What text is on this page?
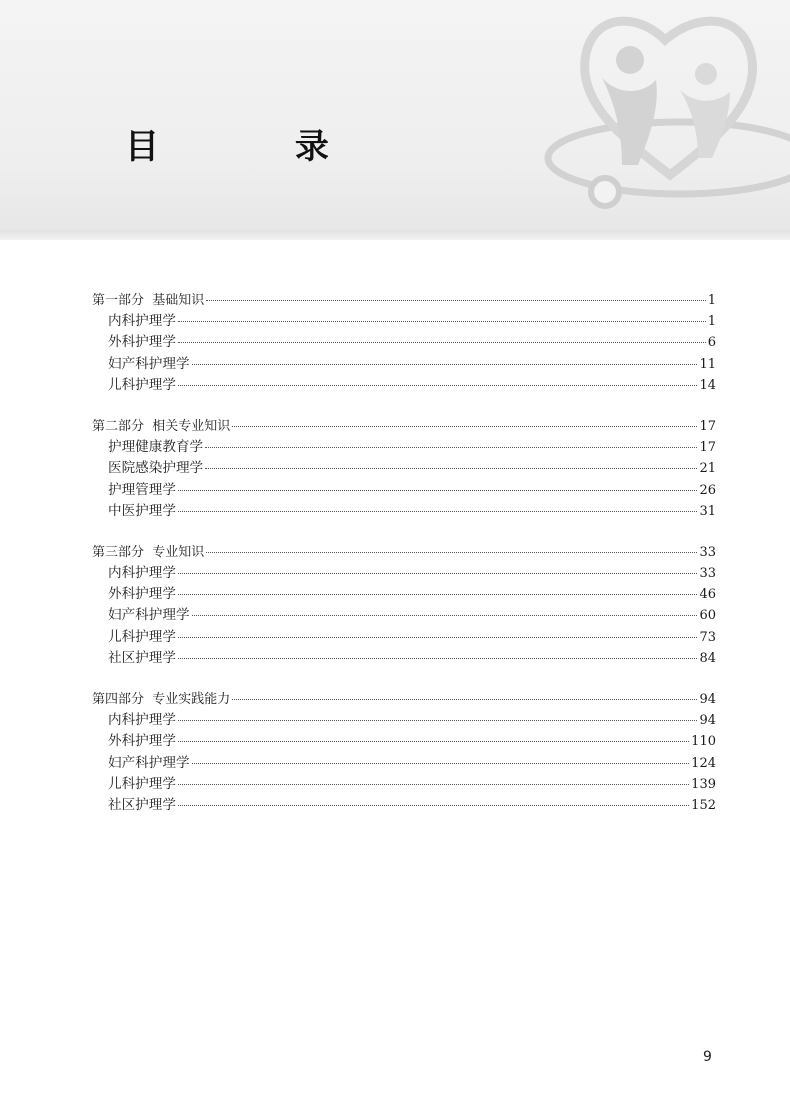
目 录
第一部分  基础知识	1
内科护理学	1
外科护理学	6
妇产科护理学	11
儿科护理学	14
第二部分  相关专业知识	17
护理健康教育学	17
医院感染护理学	21
护理管理学	26
中医护理学	31
第三部分  专业知识	33
内科护理学	33
外科护理学	46
妇产科护理学	60
儿科护理学	73
社区护理学	84
第四部分  专业实践能力	94
内科护理学	94
外科护理学	110
妇产科护理学	124
儿科护理学	139
社区护理学	152
9
